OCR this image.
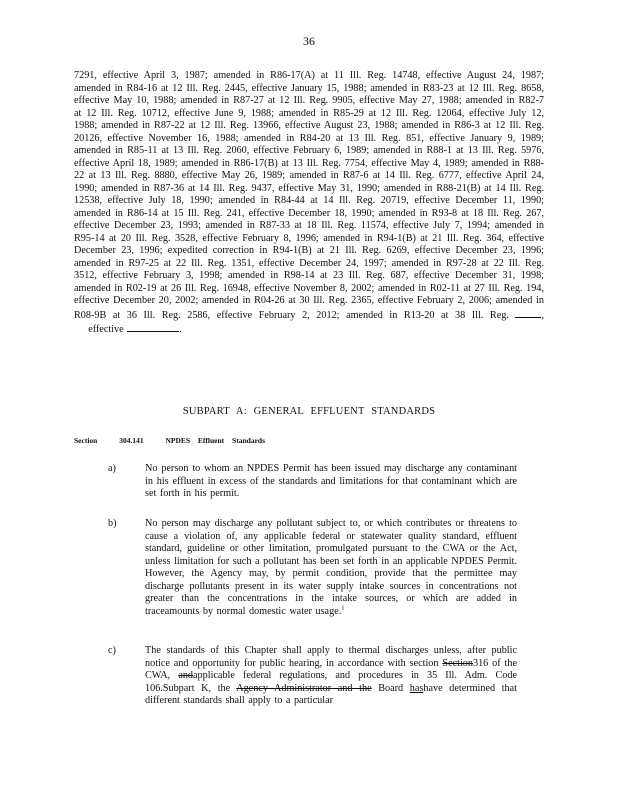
36
7291, effective April 3, 1987; amended in R86-17(A) at 11 Ill. Reg. 14748, effective August 24, 1987; amended in R84-16 at 12 Ill. Reg. 2445, effective January 15, 1988; amended in R83-23 at 12 Ill. Reg. 8658, effective May 10, 1988; amended in R87-27 at 12 Ill. Reg. 9905, effective May 27, 1988; amended in R82-7 at 12 Ill. Reg. 10712, effective June 9, 1988; amended in R85-29 at 12 Ill. Reg. 12064, effective July 12, 1988; amended in R87-22 at 12 Ill. Reg. 13966, effective August 23, 1988; amended in R86-3 at 12 Ill. Reg. 20126, effective November 16, 1988; amended in R84-20 at 13 Ill. Reg. 851, effective January 9, 1989; amended in R85-11 at 13 Ill. Reg. 2060, effective February 6, 1989; amended in R88-1 at 13 Ill. Reg. 5976, effective April 18, 1989; amended in R86-17(B) at 13 Ill. Reg. 7754, effective May 4, 1989; amended in R88-22 at 13 Ill. Reg. 8880, effective May 26, 1989; amended in R87-6 at 14 Ill. Reg. 6777, effective April 24, 1990; amended in R87-36 at 14 Ill. Reg. 9437, effective May 31, 1990; amended in R88-21(B) at 14 Ill. Reg. 12538, effective July 18, 1990; amended in R84-44 at 14 Ill. Reg. 20719, effective December 11, 1990; amended in R86-14 at 15 Ill. Reg. 241, effective December 18, 1990; amended in R93-8 at 18 Ill. Reg. 267, effective December 23, 1993; amended in R87-33 at 18 Ill. Reg. 11574, effective July 7, 1994; amended in R95-14 at 20 Ill. Reg. 3528, effective February 8, 1996; amended in R94-1(B) at 21 Ill. Reg. 364, effective December 23, 1996; expedited correction in R94-1(B) at 21 Ill. Reg. 6269, effective December 23, 1996; amended in R97-25 at 22 Ill. Reg. 1351, effective December 24, 1997; amended in R97-28 at 22 Ill. Reg. 3512, effective February 3, 1998; amended in R98-14 at 23 Ill. Reg. 687, effective December 31, 1998; amended in R02-19 at 26 Ill. Reg. 16948, effective November 8, 2002; amended in R02-11 at 27 Ill. Reg. 194, effective December 20, 2002; amended in R04-26 at 30 Ill. Reg. 2365, effective February 2, 2006; amended in R08-9B at 36 Ill. Reg. 2586, effective February 2, 2012; amended in R13-20 at 38 Ill. Reg.	,     effective	.
SUBPART A: GENERAL EFFLUENT STANDARDS
Section	304.141	NPDES Effluent Standards
a)	No person to whom an NPDES Permit has been issued may discharge any contaminant in his effluent in excess of the standards and limitations for that contaminant which are set forth in his permit.
b)	No person may discharge any pollutant subject to, or which contributes or threatens to cause a violation of, any applicable federal or statewater quality standard, effluent standard, guideline or other limitation, promulgated pursuant to the CWA or the Act, unless limitation for such a pollutant has been set forth in an applicable NPDES Permit. However, the Agency may, by permit condition, provide that the permittee may discharge pollutants present in its water supply intake sources in concentrations not greater than the concentrations in the intake sources, or which are added in traceamounts by normal domestic water usage.$^1$
c)	The standards of this Chapter shall apply to thermal discharges unless, after public notice and opportunity for public hearing, in accordance with section Section316 of the CWA, andapplicable federal regulations, and procedures in 35 Ill. Adm. Code 106.Subpart K, the Agency Administrator and the Board hashave determined that different standards shall apply to a particular
